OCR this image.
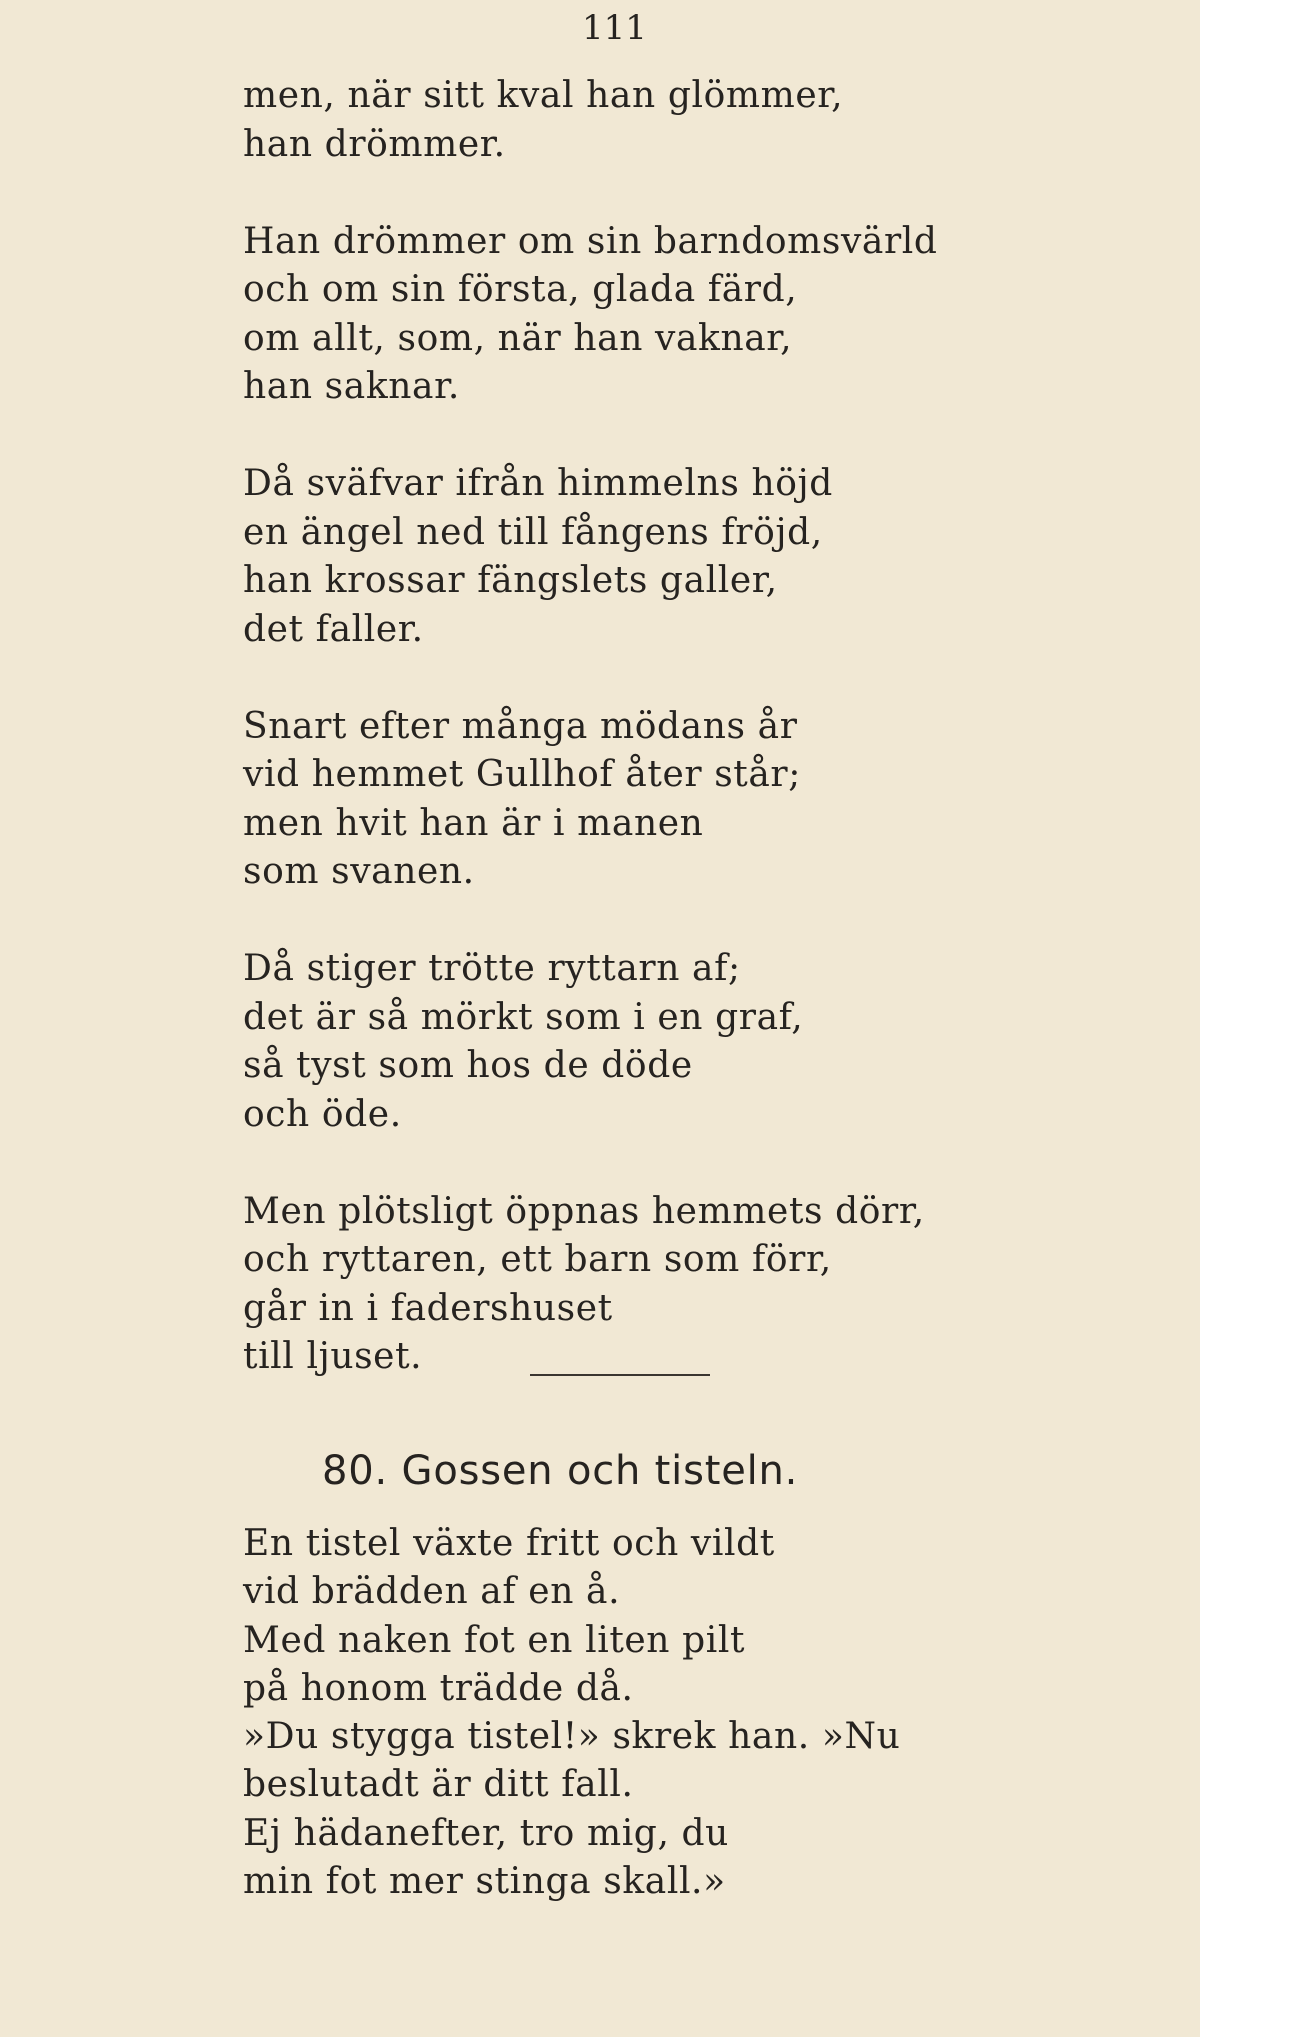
111
men, när sitt kval han glömmer,
han drömmer.
Han drömmer om sin barndomsvärld
och om sin första, glada färd,
om allt, som, när han vaknar,
han saknar.
Då sväfvar ifrån himmelns höjd
en ängel ned till fångens fröjd,
han krossar fängslets galler,
det faller.
Snart efter många mödans år
vid hemmet Gullhof åter står;
men hvit han är i manen
som svanen.
Då stiger trötte ryttarn af;
det är så mörkt som i en graf,
så tyst som hos de döde
och öde.
Men plötsligt öppnas hemmets dörr,
och ryttaren, ett barn som förr,
går in i fadershuset
till ljuset.
80. Gossen och tisteln.
En tistel växte fritt och vildt
vid brädden af en å.
Med naken fot en liten pilt
på honom trädde då.
»Du stygga tistel!» skrek han. »Nu
beslutadt är ditt fall.
Ej hädanefter, tro mig, du
min fot mer stinga skall.»
